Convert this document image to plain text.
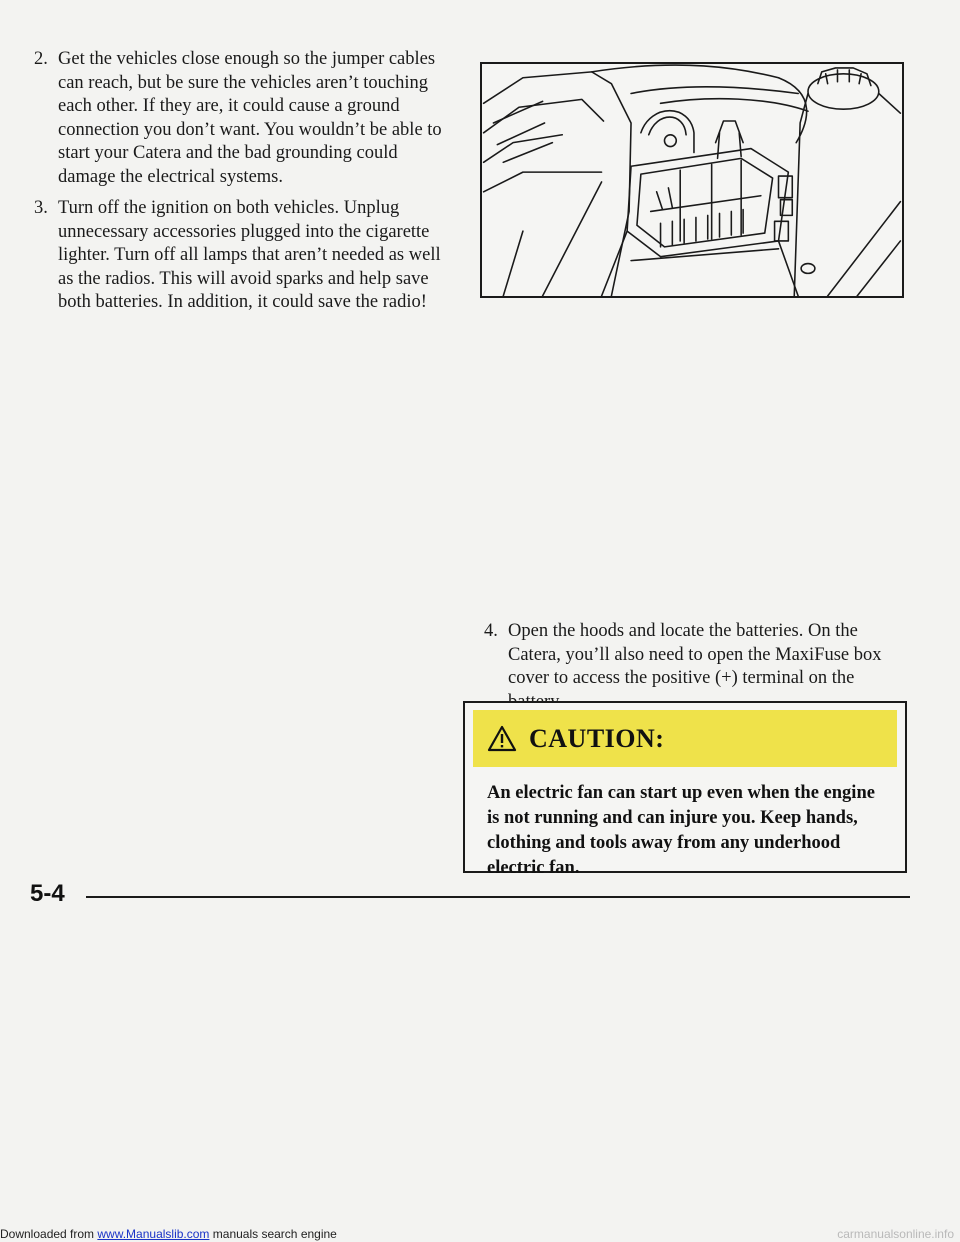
2. Get the vehicles close enough so the jumper cables can reach, but be sure the vehicles aren’t touching each other. If they are, it could cause a ground connection you don’t want. You wouldn’t be able to start your Catera and the bad grounding could damage the electrical systems.
3. Turn off the ignition on both vehicles. Unplug unnecessary accessories plugged into the cigarette lighter. Turn off all lamps that aren’t needed as well as the radios. This will avoid sparks and help save both batteries. In addition, it could save the radio!
4. Open the hoods and locate the batteries. On the Catera, you’ll also need to open the MaxiFuse box cover to access the positive (+) terminal on the
CAUTION:
An electric fan can start up even when the engine is not running and can injure you. Keep hands, clothing and tools away from any underhood electric fan.
5-4
Downloaded from www.Manualslib.com manuals search engine	carmanualsonline.info
